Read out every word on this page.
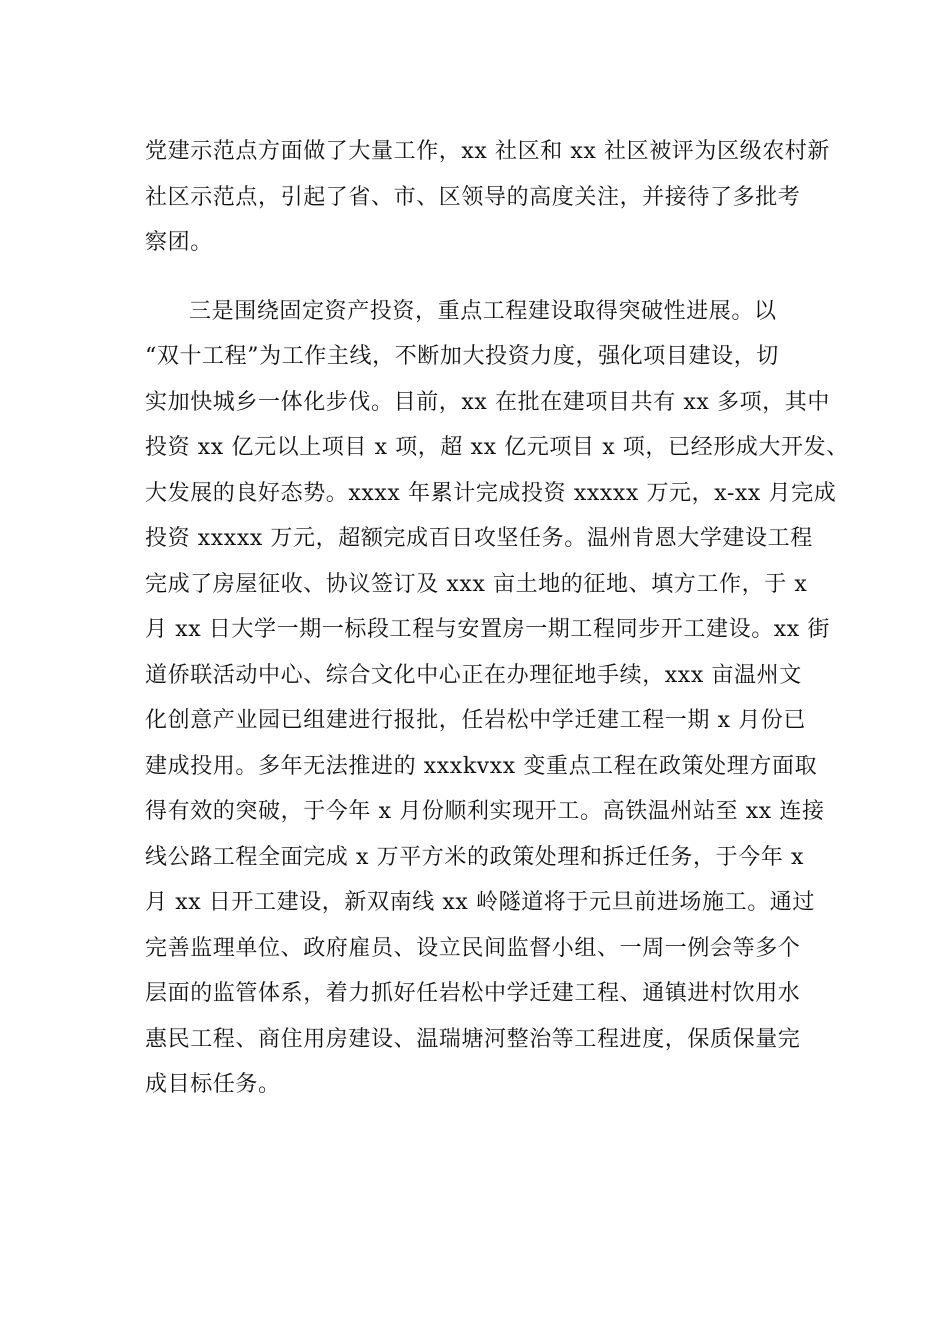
党建示范点方面做了大量工作，xx 社区和 xx 社区被评为区级农村新
社区示范点，引起了省、市、区领导的高度关注，并接待了多批考
察团。
三是围绕固定资产投资，重点工程建设取得突破性进展。以
“双十工程”为工作主线，不断加大投资力度，强化项目建设，切
实加快城乡一体化步伐。目前，xx 在批在建项目共有 xx 多项，其中
投资 xx 亿元以上项目 x 项，超 xx 亿元项目 x 项，已经形成大开发、
大发展的良好态势。xxxx 年累计完成投资 xxxxx 万元，x-xx 月完成
投资 xxxxx 万元，超额完成百日攻坚任务。温州肯恩大学建设工程
完成了房屋征收、协议签订及 xxx 亩土地的征地、填方工作，于 x
月 xx 日大学一期一标段工程与安置房一期工程同步开工建设。xx 街
道侨联活动中心、综合文化中心正在办理征地手续，xxx 亩温州文
化创意产业园已组建进行报批，任岩松中学迁建工程一期 x 月份已
建成投用。多年无法推进的 xxxkvxx 变重点工程在政策处理方面取
得有效的突破，于今年 x 月份顺利实现开工。高铁温州站至 xx 连接
线公路工程全面完成 x 万平方米的政策处理和拆迁任务，于今年 x
月 xx 日开工建设，新双南线 xx 岭隧道将于元旦前进场施工。通过
完善监理单位、政府雇员、设立民间监督小组、一周一例会等多个
层面的监管体系，着力抓好任岩松中学迁建工程、通镇进村饮用水
惠民工程、商住用房建设、温瑞塘河整治等工程进度，保质保量完
成目标任务。
